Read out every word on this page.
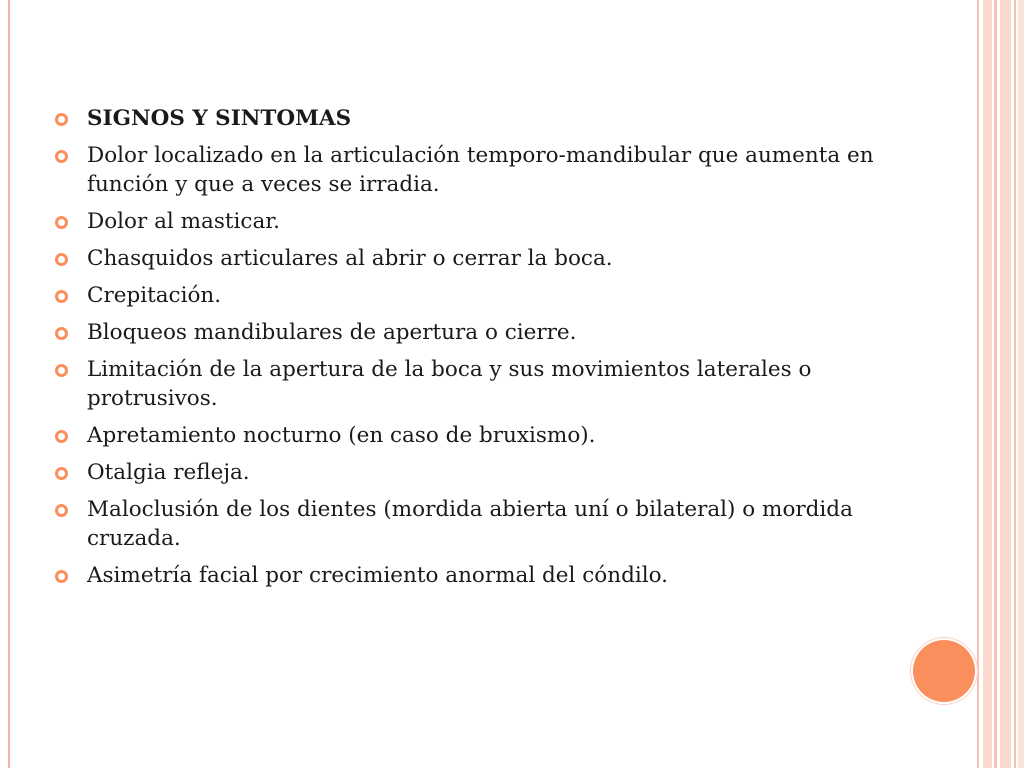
SIGNOS Y SINTOMAS
Dolor localizado en la articulación temporo-mandibular que aumenta en función y que a veces se irradia.
Dolor al masticar.
Chasquidos articulares al abrir o cerrar la boca.
Crepitación.
Bloqueos mandibulares de apertura o cierre.
Limitación de la apertura de la boca y sus movimientos laterales o protrusivos.
Apretamiento nocturno (en caso de bruxismo).
Otalgia refleja.
Maloclusión de los dientes (mordida abierta uní o bilateral) o mordida cruzada.
Asimetría facial por crecimiento anormal del cóndilo.
